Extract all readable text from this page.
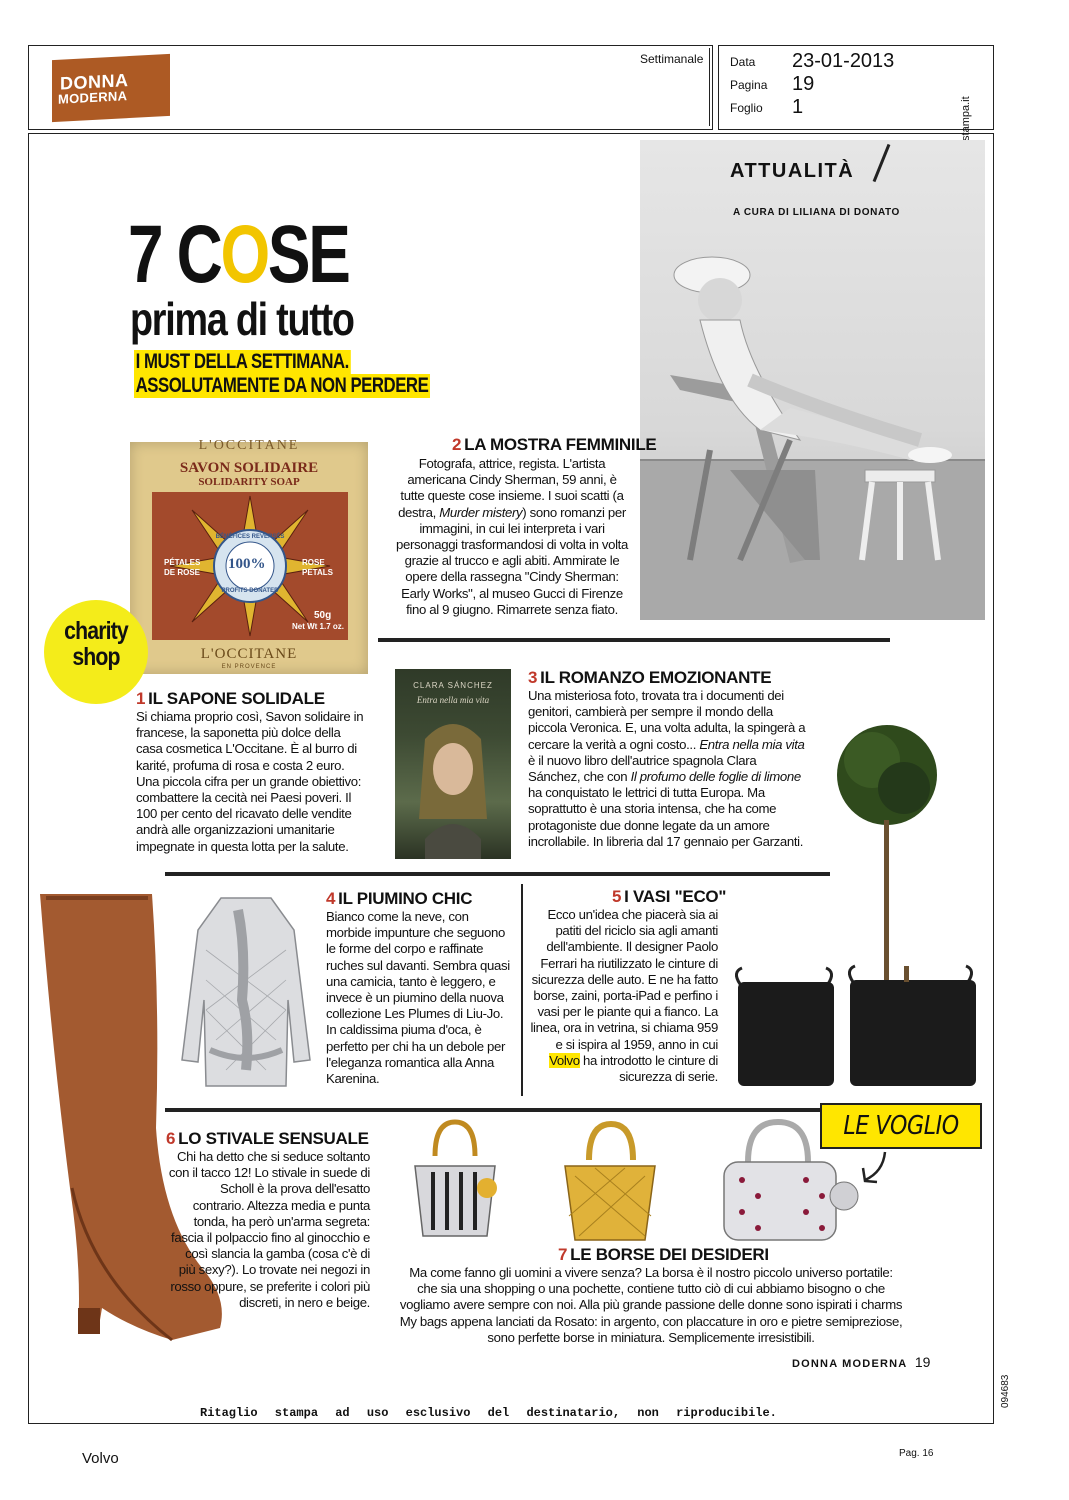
DONNA
MODERNA
Settimanale Data 23-01-2013
Pagina 19
Foglio 1
094683
ATTUALITÀ
A CURA DI LILIANA DI DONATO
7 COSE
prima di tutto
I MUST DELLA SETTIMANA.
ASSOLUTAMENTE DA NON PERDERE
L'OCCITANE
SAVON SOLIDAIRE
SOLIDARITY SOAP
100%
BÉNÉFICES REVERSÉS
PROFITS DONATED
PÉTALES
DE ROSE
ROSE
PETALS
50g
Net Wt 1.7 oz.
L'OCCITANE
EN PROVENCE
charity
shop
2 LA MOSTRA FEMMINILE
Fotografa, attrice, regista. L'artista americana Cindy Sherman, 59 anni, è tutte queste cose insieme. I suoi scatti (a destra, Murder mistery) sono romanzi per immagini, in cui lei interpreta i vari personaggi trasformandosi di volta in volta grazie al trucco e agli abiti. Ammirate le opere della rassegna "Cindy Sherman: Early Works", al museo Gucci di Firenze fino al 9 giugno. Rimarrete senza fiato.
1 IL SAPONE SOLIDALE
Si chiama proprio così, Savon solidaire in francese, la saponetta più dolce della casa cosmetica L'Occitane. È al burro di karité, profuma di rosa e costa 2 euro. Una piccola cifra per un grande obiettivo: combattere la cecità nei Paesi poveri. Il 100 per cento del ricavato delle vendite andrà alle organizzazioni umanitarie impegnate in questa lotta per la salute.
CLARA SÁNCHEZ
Entra nella mia vita
3 IL ROMANZO EMOZIONANTE
Una misteriosa foto, trovata tra i documenti dei genitori, cambierà per sempre il mondo della piccola Veronica. E, una volta adulta, la spingerà a cercare la verità a ogni costo... Entra nella mia vita è il nuovo libro dell'autrice spagnola Clara Sánchez, che con Il profumo delle foglie di limone ha conquistato le lettrici di tutta Europa. Ma soprattutto è una storia intensa, che ha come protagoniste due donne legate da un amore incrollabile. In libreria dal 17 gennaio per Garzanti.
4 IL PIUMINO CHIC
Bianco come la neve, con morbide impunture che seguono le forme del corpo e raffinate ruches sul davanti. Sembra quasi una camicia, tanto è leggero, e invece è un piumino della nuova collezione Les Plumes di Liu-Jo. In caldissima piuma d'oca, è perfetto per chi ha un debole per l'eleganza romantica alla Anna Karenina.
5 I VASI "ECO"
Ecco un'idea che piacerà sia ai patiti del riciclo sia agli amanti dell'ambiente. Il designer Paolo Ferrari ha riutilizzato le cinture di sicurezza delle auto. E ne ha fatto borse, zaini, porta-iPad e perfino i vasi per le piante qui a fianco. La linea, ora in vetrina, si chiama 959 e si ispira al 1959, anno in cui Volvo ha introdotto le cinture di sicurezza di serie.
LE VOGLIO
6 LO STIVALE SENSUALE
Chi ha detto che si seduce soltanto con il tacco 12! Lo stivale in suede di Scholl è la prova dell'esatto contrario. Altezza media e punta tonda, ha però un'arma segreta: fascia il polpaccio fino al ginocchio e così slancia la gamba (cosa c'è di più sexy?). Lo trovate nei negozi in rosso oppure, se preferite i colori più discreti, in nero e beige.
7 LE BORSE DEI DESIDERI
Ma come fanno gli uomini a vivere senza? La borsa è il nostro piccolo universo portatile: che sia una shopping o una pochette, contiene tutto ciò di cui abbiamo bisogno o che vogliamo avere sempre con noi. Alla più grande passione delle donne sono ispirati i charms My bags appena lanciati da Rosato: in argento, con placcature in oro e pietre semipreziose, sono perfette borse in miniatura. Semplicemente irresistibili.
DONNA MODERNA 19
Ritaglio stampa ad uso esclusivo del destinatario, non riproducibile.
Volvo	Pag. 16
